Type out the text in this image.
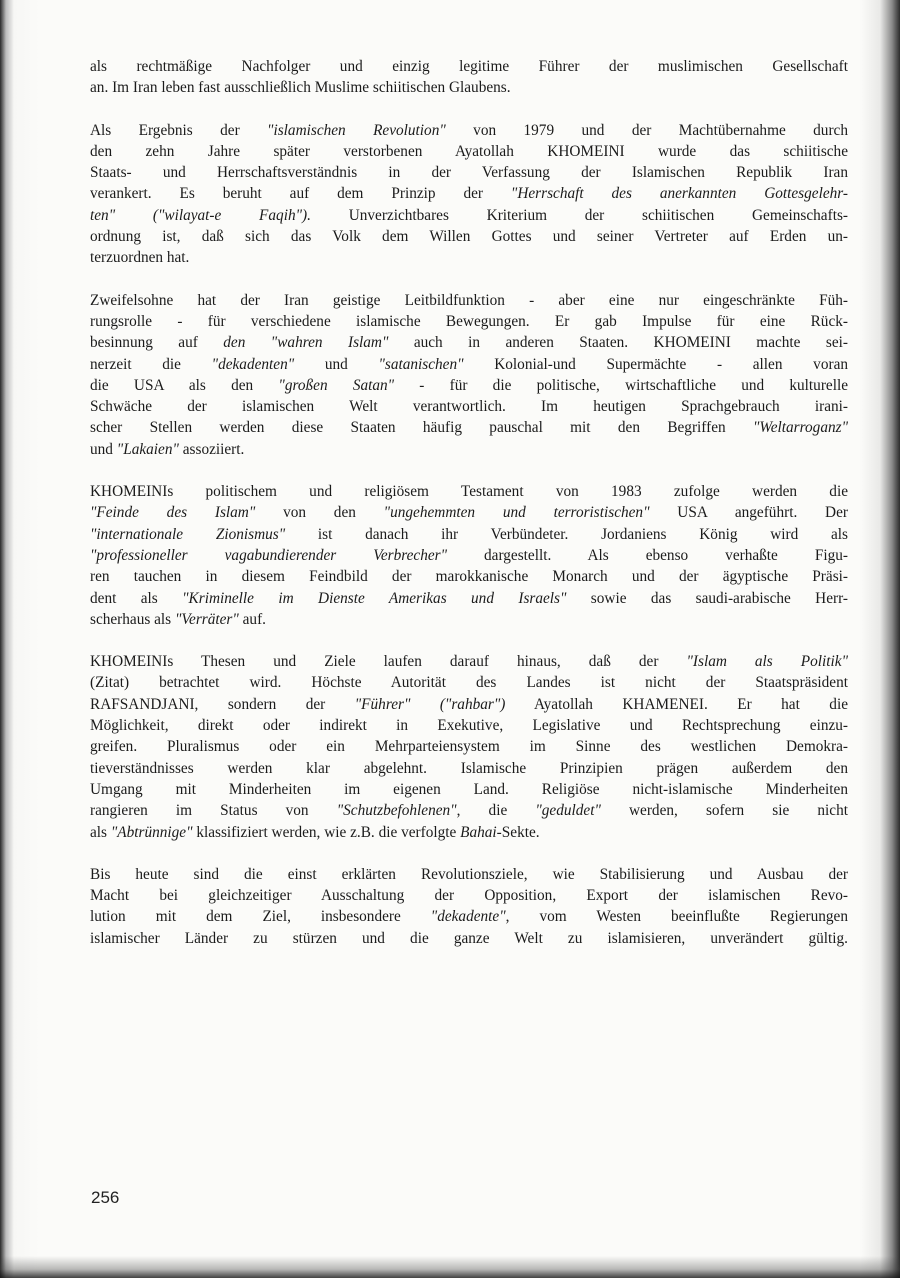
als rechtmäßige Nachfolger und einzig legitime Führer der muslimischen Gesellschaft
an. Im Iran leben fast ausschließlich Muslime schiitischen Glaubens.
Als Ergebnis der "islamischen Revolution" von 1979 und der Machtübernahme durch
den zehn Jahre später verstorbenen Ayatollah KHOMEINI wurde das schiitische
Staats- und Herrschaftsverständnis in der Verfassung der Islamischen Republik Iran
verankert. Es beruht auf dem Prinzip der "Herrschaft des anerkannten Gottesgelehr-
ten" ("wilayat-e Faqih"). Unverzichtbares Kriterium der schiitischen Gemeinschafts-
ordnung ist, daß sich das Volk dem Willen Gottes und seiner Vertreter auf Erden un-
terzuordnen hat.
Zweifelsohne hat der Iran geistige Leitbildfunktion - aber eine nur eingeschränkte Füh-
rungsrolle - für verschiedene islamische Bewegungen. Er gab Impulse für eine Rück-
besinnung auf den "wahren Islam" auch in anderen Staaten. KHOMEINI machte sei-
nerzeit die "dekadenten" und "satanischen" Kolonial-und Supermächte - allen voran
die USA als den "großen Satan" - für die politische, wirtschaftliche und kulturelle
Schwäche der islamischen Welt verantwortlich. Im heutigen Sprachgebrauch irani-
scher Stellen werden diese Staaten häufig pauschal mit den Begriffen "Weltarroganz"
und "Lakaien" assoziiert.
KHOMEINIs politischem und religiösem Testament von 1983 zufolge werden die
"Feinde des Islam" von den "ungehemmten und terroristischen" USA angeführt. Der
"internationale Zionismus" ist danach ihr Verbündeter. Jordaniens König wird als
"professioneller vagabundierender Verbrecher" dargestellt. Als ebenso verhaßte Figu-
ren tauchen in diesem Feindbild der marokkanische Monarch und der ägyptische Präsi-
dent als "Kriminelle im Dienste Amerikas und Israels" sowie das saudi-arabische Herr-
scherhaus als "Verräter" auf.
KHOMEINIs Thesen und Ziele laufen darauf hinaus, daß der "Islam als Politik"
(Zitat) betrachtet wird. Höchste Autorität des Landes ist nicht der Staatspräsident
RAFSANDJANI, sondern der "Führer" ("rahbar") Ayatollah KHAMENEI. Er hat die
Möglichkeit, direkt oder indirekt in Exekutive, Legislative und Rechtsprechung einzu-
greifen. Pluralismus oder ein Mehrparteiensystem im Sinne des westlichen Demokra-
tieverständnisses werden klar abgelehnt. Islamische Prinzipien prägen außerdem den
Umgang mit Minderheiten im eigenen Land. Religiöse nicht-islamische Minderheiten
rangieren im Status von "Schutzbefohlenen", die "geduldet" werden, sofern sie nicht
als "Abtrünnige" klassifiziert werden, wie z.B. die verfolgte Bahai-Sekte.
Bis heute sind die einst erklärten Revolutionsziele, wie Stabilisierung und Ausbau der
Macht bei gleichzeitiger Ausschaltung der Opposition, Export der islamischen Revo-
lution mit dem Ziel, insbesondere "dekadente", vom Westen beeinflußte Regierungen
islamischer Länder zu stürzen und die ganze Welt zu islamisieren, unverändert gültig.
256
